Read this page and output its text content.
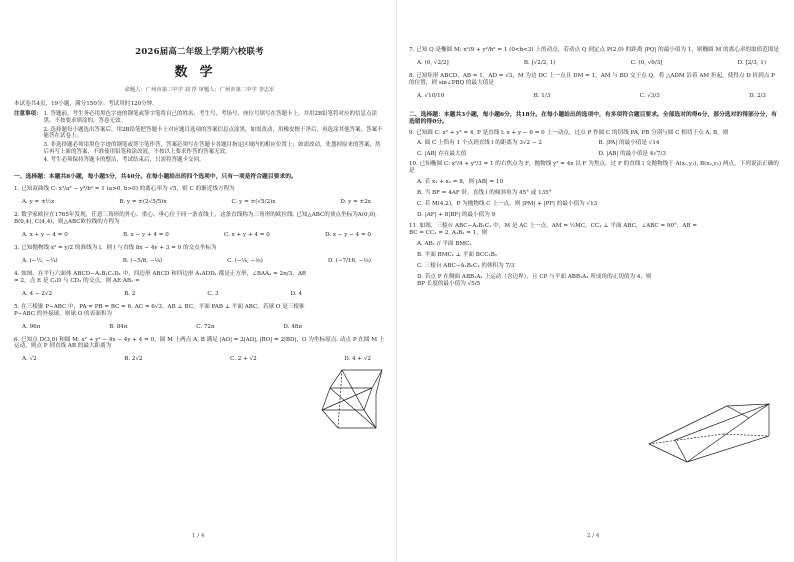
2026届高二年级上学期六校联考
数学
命题人：广州市第二中学 刘 浮 审题人：广州市第二中学 李志军
本试卷共4页，19小题，满分150分。考试用时120分钟。
注意事项： 1. 答题前，考生务必用黑色字迹的钢笔或签字笔将自己的姓名、考生号、考场号、座位号填写在答题卡上，并用2B铅笔将对应的信息点涂黑，不按要求填涂的，答卷无效。
2. 选择题每小题选出答案后，用2B铅笔把答题卡上对应题目选项的答案信息点涂黑，如需改动，用橡皮擦干净后，再选涂其他答案，答案不能答在试卷上。
3. 非选择题必须用黑色字迹的钢笔或签字笔作答，答案必须写在答题卡各题目指定区域内的相应位置上；如需改动，先划掉原来的答案，然后再写上新的答案，不准使用铅笔和涂改液。不按以上要求作答的答案无效。
4. 考生必须保持答题卡的整洁，考试结束后，只需将答题卡交回。
一、选择题：本题共8小题，每小题5分，共40分。在每小题给出的四个选项中，只有一项是符合题目要求的。
1. 已知双曲线 C: x²/a² − y²/b² = 1 (a>0, b>0) 的离心率为 √5，则 C 的渐近线方程为
A. y = ±½x	B. y = ±(2√5/5)x	C. y = ±(√5/2)x	D. y = ±2x
2. 数学家欧拉在1765年发现，任意三角形的外心、重心、垂心位于同一条直线上，这条直线称为三角形的欧拉线. 已知△ABC的顶点坐标为A(0,0), B(0,4), C(4,4)，则△ABC欧拉线的方程为
A. x + y − 4 = 0	B. x − y + 4 = 0	C. x + y + 4 = 0	D. x − y − 4 = 0
3. 已知抛物线 x² = y/2 的准线为 l，则 l 与直线 8x − 4y + 3 = 0 的交点坐标为
A. (−½, −¼)	B. (−5/8, −⅛)	C. (−⅛, −⅛)	D. (−7/16, −⅛)
4. 如图，在平行六面体 ABCD−A₁B₁C₁D₁ 中，四边形 ABCD 和四边形 A₁ADD₁ 都是正方形，∠BAA₁ = 2π/3，AB = 2，点 E 是 C₁D 与 CD₁ 的交点，则 AE·AB₁ =
A. 4 − 2√2	B. 2	C. 3	D. 4
5. 在三棱锥 P−ABC 中，PA = PB = BC = 6, AC = 6√3，AB ⊥ BC，平面 PAB ⊥ 平面 ABC，若球 O 是三棱锥 P−ABC 的外接球，则球 O 的表面积为
A. 96π	B. 84π	C. 72π	D. 48π
6. 已知点 D(3,0) 和圆 M: x² + y² − 4x − 4y + 4 = 0，圆 M 上两点 A, B 满足 |AO| = 2|AD|, |BO| = 2|BD|，O 为坐标原点. 动点 P 在圆 M 上运动，则点 P 到直线 AB 的最大距离为
A. √2	B. 2√2	C. 2 + √2	D. 4 + √2
1 / 4
7. 已知 Q 是椭圆 M: x²/9 + y²/b² = 1 (0<b<3) 上的动点，若动点 Q 到定点 P(2,0) 的距离 |PQ| 的最小值为 1，则椭圆 M 的离心率的取值范围是
A. (0, √2/2]	B. [√2/2, 1)	C. (0, √6/3]	D. [2/3, 1)
8. 已知矩形 ABCD，AB = 1，AD = √3，M 为边 DC 上一点且 DM = 1，AM 与 BD 交于点 Q，将 △ADM 沿着 AM 折起，使得点 D 折到点 P 的位置，则 sin∠PBQ 的最大值是
A. √10/10	B. 1/3	C. √3/3	D. 2/3
二、选择题：本题共3小题，每小题6分，共18分。在每小题给出的选项中，有多项符合题目要求。全部选对的得6分，部分选对的得部分分，有选错的得0分。
9. 已知圆 C: x² + y² = 4, P 是直线 l: x + y − 6 = 0 上一动点，过点 P 作圆 C 的切线 PA, PB 分别与圆 C 相切于点 A, B，则
A. 圆 C 上恰有 1 个点到直线 l 的距离为 3√2 − 2	B. |PA| 的最小值是 √14
C. |AB| 存在最大值	D. |AB| 的最小值是 4√7/3
10. 已知椭圆 C: x²/4 + y²/3 = 1 的右焦点为 F，抛物线 y² = 4x 以 F 为焦点，过 F 的直线 l 交抛物线于 A(x₁,y₁), B(x₂,y₂) 两点，下列说法正确的是
A. 若 x₁ + x₂ = 8，则 |AB| = 10
B. 当 BF = 4AF 时，直线 l 的倾斜角为 45° 或 135°
C. 若 M(4,2)，P 为抛物线 C 上一点，则 |PM| + |PF| 的最小值为 √13
D. |AF| + 8|BF| 的最小值为 9
11. 如图，三棱台 ABC−A₁B₁C₁ 中，M 是 AC 上一点，AM = ½MC，CC₁ ⊥ 平面 ABC，∠ABC = 90°，AB = BC = CC₁ = 2, A₁B₁ = 1，则
A. AB₁ // 平面 BMC₁
B. 平面 BMC₁ ⊥ 平面 BCC₁B₁
C. 三棱台 ABC−A₁B₁C₁ 的体积为 7/3
D. 若点 P 在侧面 ABB₁A₁ 上运动（含边界），且 CP 与平面 ABB₁A₁ 所成角的正切值为 4，则 BP 长度的最小值为 √5/5
2 / 4
